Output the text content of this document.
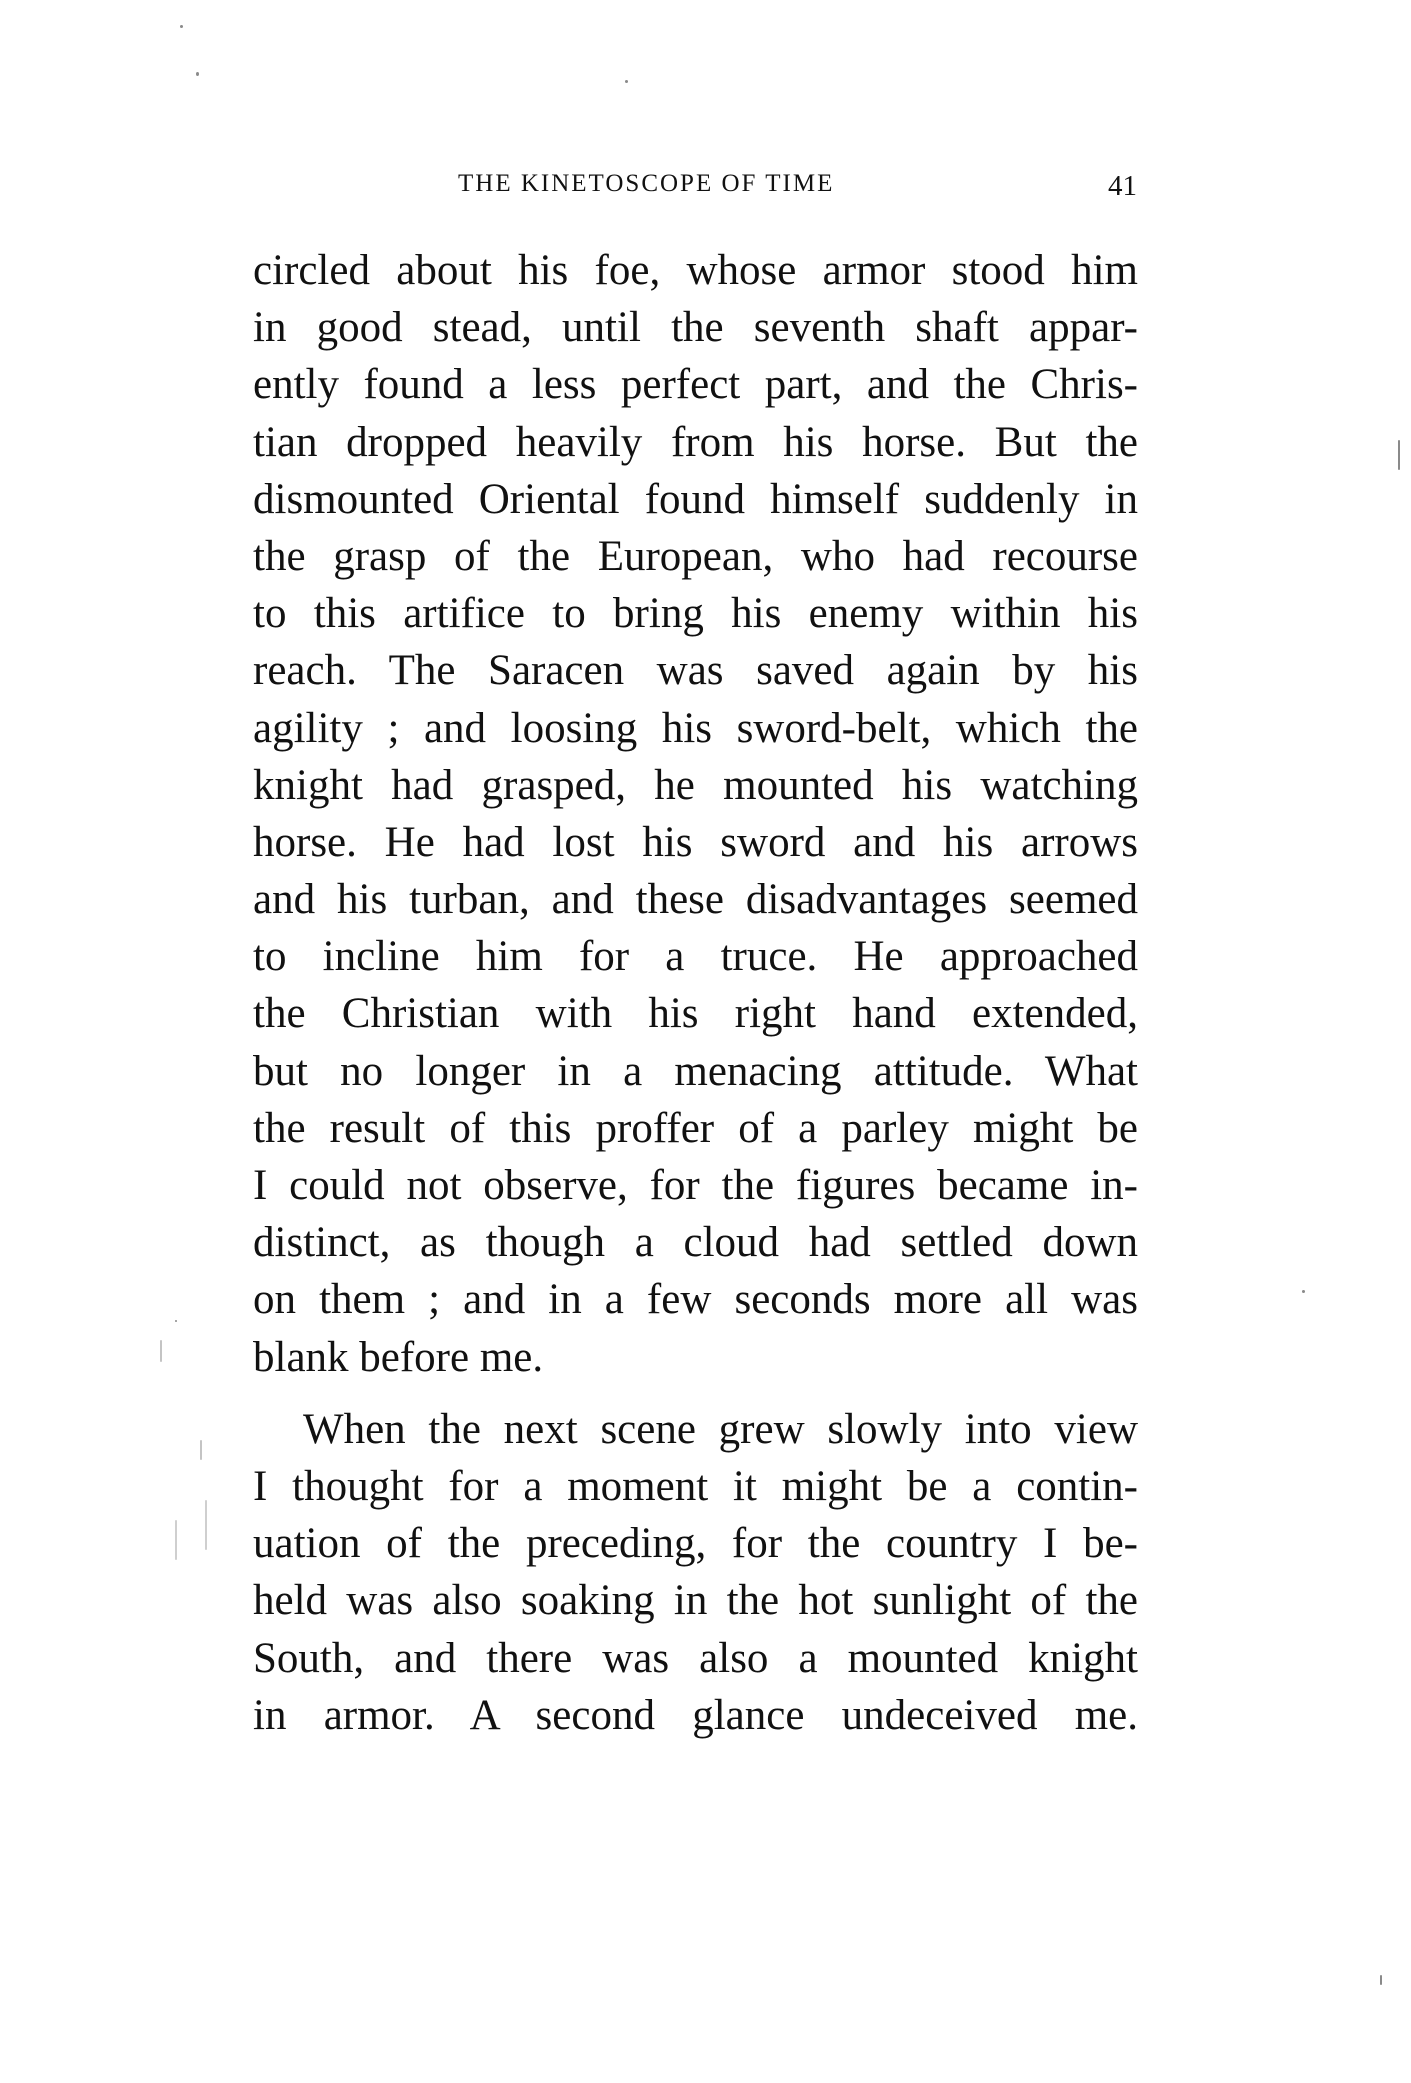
THE KINETOSCOPE OF TIME	41
circled about his foe, whose armor stood him
in good stead, until the seventh shaft appar-
ently found a less perfect part, and the Chris-
tian dropped heavily from his horse. But the
dismounted Oriental found himself suddenly in
the grasp of the European, who had recourse
to this artifice to bring his enemy within his
reach. The Saracen was saved again by his
agility ; and loosing his sword-belt, which the
knight had grasped, he mounted his watching
horse. He had lost his sword and his arrows
and his turban, and these disadvantages seemed
to incline him for a truce. He approached
the Christian with his right hand extended,
but no longer in a menacing attitude. What
the result of this proffer of a parley might be
I could not observe, for the figures became in-
distinct, as though a cloud had settled down
on them ; and in a few seconds more all was
blank before me.
When the next scene grew slowly into view
I thought for a moment it might be a contin-
uation of the preceding, for the country I be-
held was also soaking in the hot sunlight of the
South, and there was also a mounted knight
in armor. A second glance undeceived me.
